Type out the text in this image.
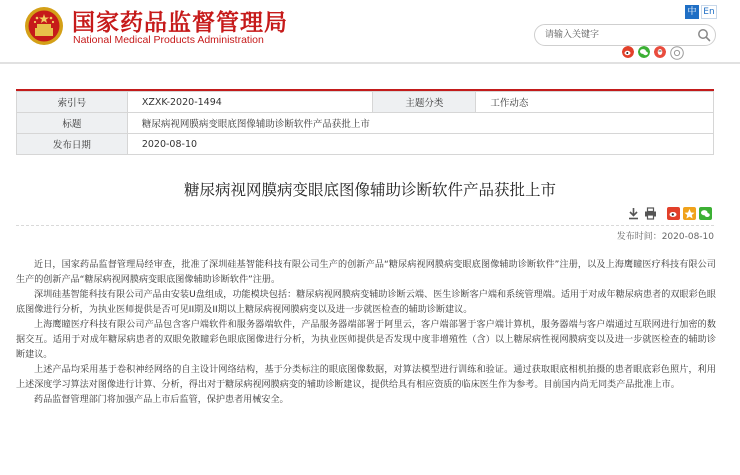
国家药品监督管理局
National Medical Products Administration
中 En
请输入关键字
索引号	XZXK-2020-1494	主题分类	工作动态
标题	糖尿病视网膜病变眼底图像辅助诊断软件产品获批上市		
发布日期	2020-08-10		
糖尿病视网膜病变眼底图像辅助诊断软件产品获批上市
发布时间：2020-08-10

近日，国家药品监督管理局经审查，批准了深圳硅基智能科技有限公司生产的创新产品“糖尿病视网膜病变眼底图像辅助诊断软件”注册，以及上海鹰瞳医疗科技有限公司生产的创新产品“糖尿病视网膜病变眼底图像辅助诊断软件”注册。

深圳硅基智能科技有限公司产品由安装U盘组成，功能模块包括：糖尿病视网膜病变辅助诊断云端、医生诊断客户端和系统管理端。适用于对成年糖尿病患者的双眼彩色眼底图像进行分析，为执业医师提供是否可见II期及II期以上糖尿病视网膜病变以及进一步就医检查的辅助诊断建议。

上海鹰瞳医疗科技有限公司产品包含客户端软件和服务器端软件，产品服务器端部署于阿里云，客户端部署于客户端计算机，服务器端与客户端通过互联网进行加密的数据交互。适用于对成年糖尿病患者的双眼免散瞳彩色眼底图像进行分析，为执业医师提供是否发现中度非增殖性（含）以上糖尿病性视网膜病变以及进一步就医检查的辅助诊断建议。

上述产品均采用基于卷积神经网络的自主设计网络结构，基于分类标注的眼底图像数据，对算法模型进行训练和验证。通过获取眼底相机拍摄的患者眼底彩色照片，利用上述深度学习算法对图像进行计算、分析，得出对于糖尿病视网膜病变的辅助诊断建议，提供给具有相应资质的临床医生作为参考。目前国内尚无同类产品批准上市。

药品监督管理部门将加强产品上市后监管，保护患者用械安全。
